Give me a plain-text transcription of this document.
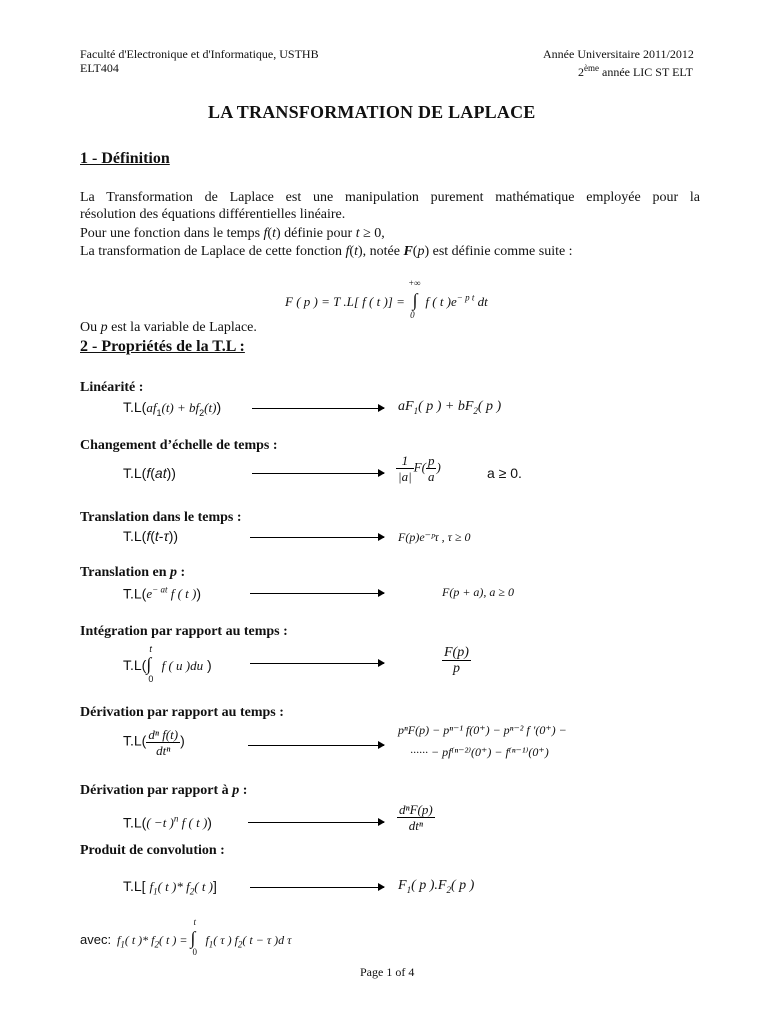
Faculté d'Electronique et d'Informatique, USTHB
ELT404
Année Universitaire 2011/2012
2ème année LIC ST ELT
LA TRANSFORMATION DE LAPLACE
1 - Définition
La Transformation de Laplace est une manipulation purement mathématique employée pour la
résolution des équations différentielles linéaire.
Pour une fonction dans le temps f(t) définie pour t ≥ 0,
La transformation de Laplace de cette fonction f(t), notée F(p) est définie comme suite :
F ( p ) = T .L[ f ( t )] =
+∞
∫
0
f ( t )$e^{- p t}$ dt
Ou p est la variable de Laplace.
2 - Propriétés de la T.L :
Linéarité :
$T.L(af_1(t) + bf_2(t))$	$aF_1$( p ) + $bF_2$( p )
Changement d’échelle de temps :
T.L(f(at))	$\frac{1}{|a|} F( \frac{p}{a}$ )	a ≥ 0.
Translation dans le temps :
T.L(f(t-τ))	F(p)e⁻ᵖτ , τ ≥ 0
Translation en p :
$T.L(e^{- at}$ f ( t ))	F(p + a), a ≥ 0
Intégration par rapport au temps :
T.L(
t
∫
0
f ( u )du )	$\frac{F(p)}{p}$
Dérivation par rapport au temps :
$T.L( \frac{\text{dⁿ f(t)}}{\text{dtⁿ}}$ )
pⁿF(p) − pⁿ⁻¹ f(0⁺) − pⁿ⁻² f ′(0⁺) −
······ − pf⁽ⁿ⁻²⁾(0⁺) − f⁽ⁿ⁻¹⁾(0⁺)
Dérivation par rapport à p :
T.L(( −t )$^n$ f ( t ))	$\frac{\text{dⁿF(p)}}{\text{dtⁿ}}$
Produit de convolution :
T.L[ $f_1$( t )* $f_2$( t )]	$F_1$( p )$.F_2$( p )
avec: $f_1$( t )* $f_2$( t ) =
t
∫
0
$f_1$( τ ) $f_2$( t − τ )d τ
Page 1 of 4
